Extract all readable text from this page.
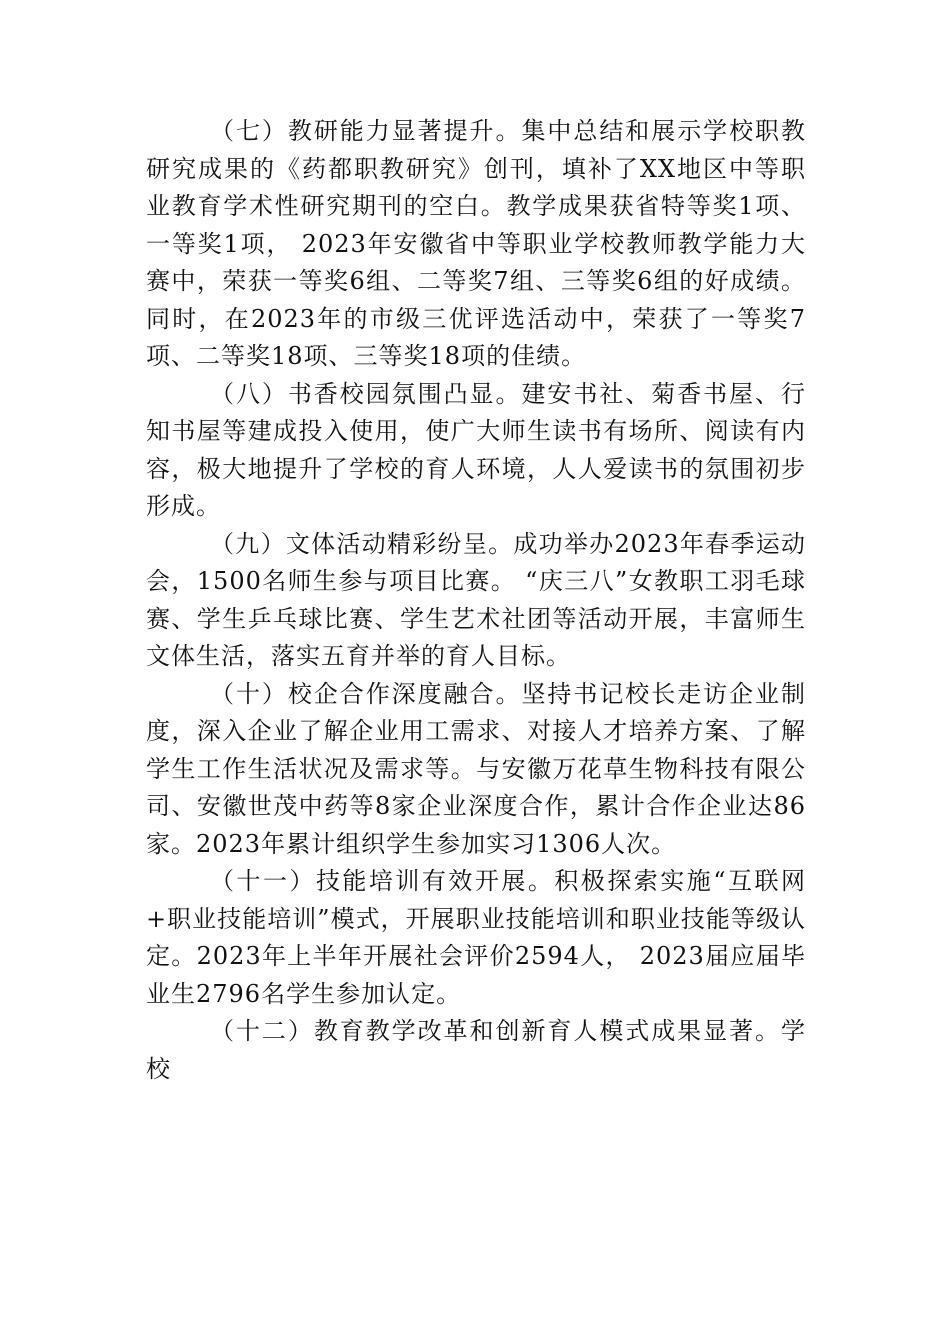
（七）教研能力显著提升。集中总结和展示学校职教研究成果的《药都职教研究》创刊，填补了XX地区中等职业教育学术性研究期刊的空白。教学成果获省特等奖1项、一等奖1项， 2023年安徽省中等职业学校教师教学能力大赛中，荣获一等奖6组、二等奖7组、三等奖6组的好成绩。同时，在2023年的市级三优评选活动中，荣获了一等奖7项、二等奖18项、三等奖18项的佳绩。

（八）书香校园氛围凸显。建安书社、菊香书屋、行知书屋等建成投入使用，使广大师生读书有场所、阅读有内容，极大地提升了学校的育人环境，人人爱读书的氛围初步形成。

（九）文体活动精彩纷呈。成功举办2023年春季运动会，1500名师生参与项目比赛。 “庆三八”女教职工羽毛球赛、学生乒乓球比赛、学生艺术社团等活动开展，丰富师生文体生活，落实五育并举的育人目标。

（十）校企合作深度融合。坚持书记校长走访企业制度，深入企业了解企业用工需求、对接人才培养方案、了解学生工作生活状况及需求等。与安徽万花草生物科技有限公司、安徽世茂中药等8家企业深度合作，累计合作企业达86家。2023年累计组织学生参加实习1306人次。

（十一）技能培训有效开展。积极探索实施“互联网+职业技能培训”模式，开展职业技能培训和职业技能等级认定。2023年上半年开展社会评价2594人， 2023届应届毕业生2796名学生参加认定。

（十二）教育教学改革和创新育人模式成果显著。学校
